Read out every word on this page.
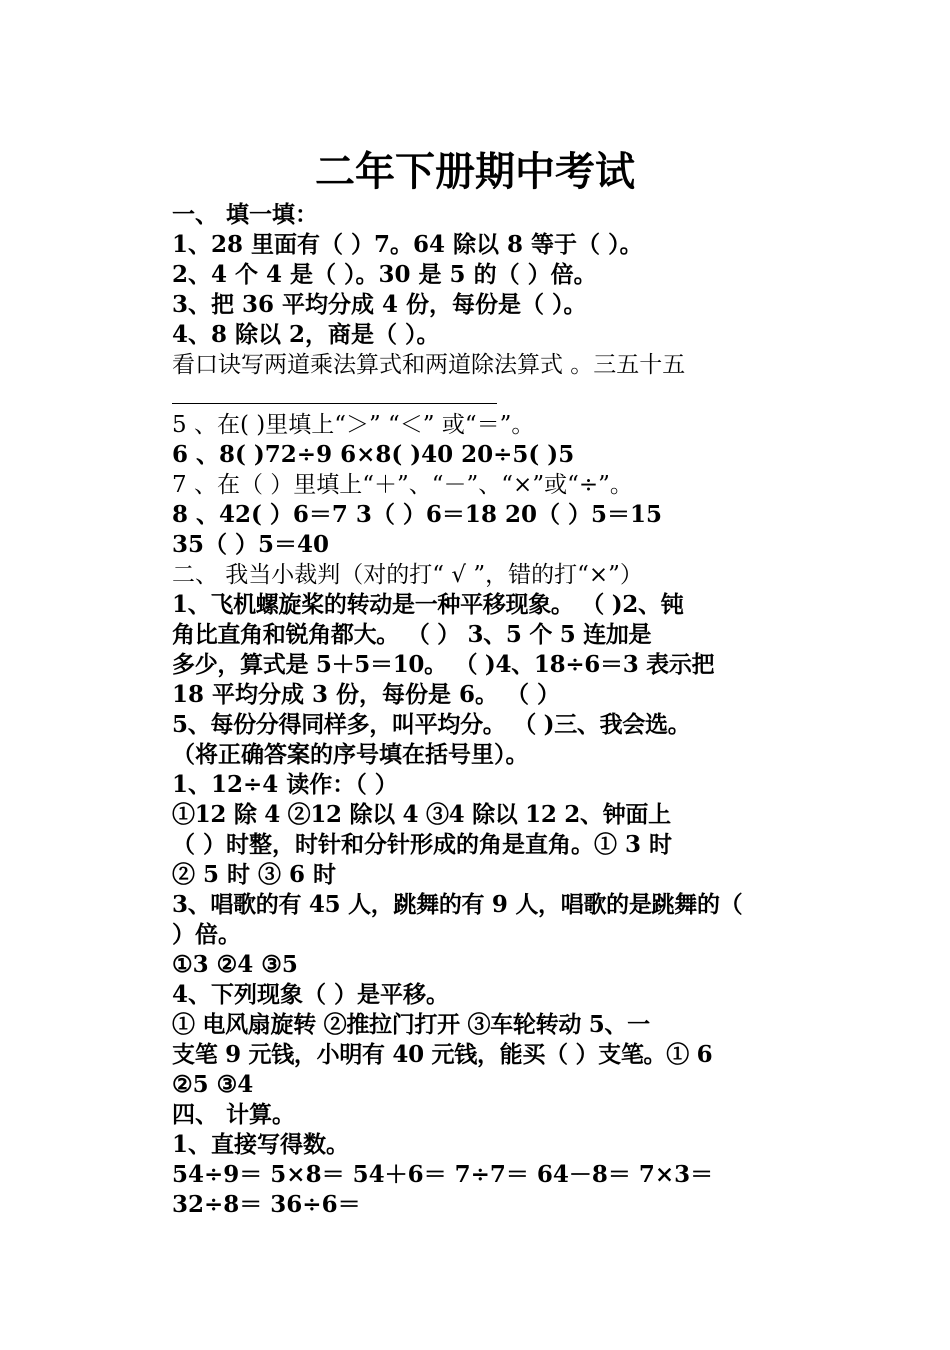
二年下册期中考试
一、 填一填：
1、28 里面有（ ）7。64 除以 8 等于（ ）。
2、4 个 4 是（ ）。30 是 5 的（ ）倍。
3、把 36 平均分成 4 份，每份是（ ）。
4、8 除以 2，商是（ ）。
看口诀写两道乘法算式和两道除法算式 。三五十五
5 、在( )里填上“＞” “＜” 或“＝”。
6 、8( )72÷9 6×8( )40 20÷5( )5
7 、在（ ）里填上“＋”、“－”、“×”或“÷”。
8 、42( ）6＝7 3（ ）6＝18 20（ ）5＝15
35（ ）5＝40
二、 我当小裁判（对的打“ √ ”，错的打“×”）
1、飞机螺旋桨的转动是一种平移现象。 （ )2、钝
角比直角和锐角都大。 （ ） 3、5 个 5 连加是
多少，算式是 5＋5＝10。 （ )4、18÷6＝3 表示把
18 平均分成 3 份，每份是 6。 （ ）
5、每份分得同样多，叫平均分。 （ )三、我会选。
（将正确答案的序号填在括号里）。
1、12÷4 读作：（ ）
①12 除 4 ②12 除以 4 ③4 除以 12 2、钟面上
（ ）时整，时针和分针形成的角是直角。① 3 时
② 5 时 ③ 6 时
3、唱歌的有 45 人，跳舞的有 9 人，唱歌的是跳舞的（
）倍。
①3 ②4 ③5
4、下列现象（ ）是平移。
① 电风扇旋转 ②推拉门打开 ③车轮转动 5、一
支笔 9 元钱，小明有 40 元钱，能买（ ）支笔。① 6
②5 ③4
四、 计算。
1、直接写得数。
54÷9＝ 5×8＝ 54＋6＝ 7÷7＝ 64－8＝ 7×3＝
32÷8＝ 36÷6＝
